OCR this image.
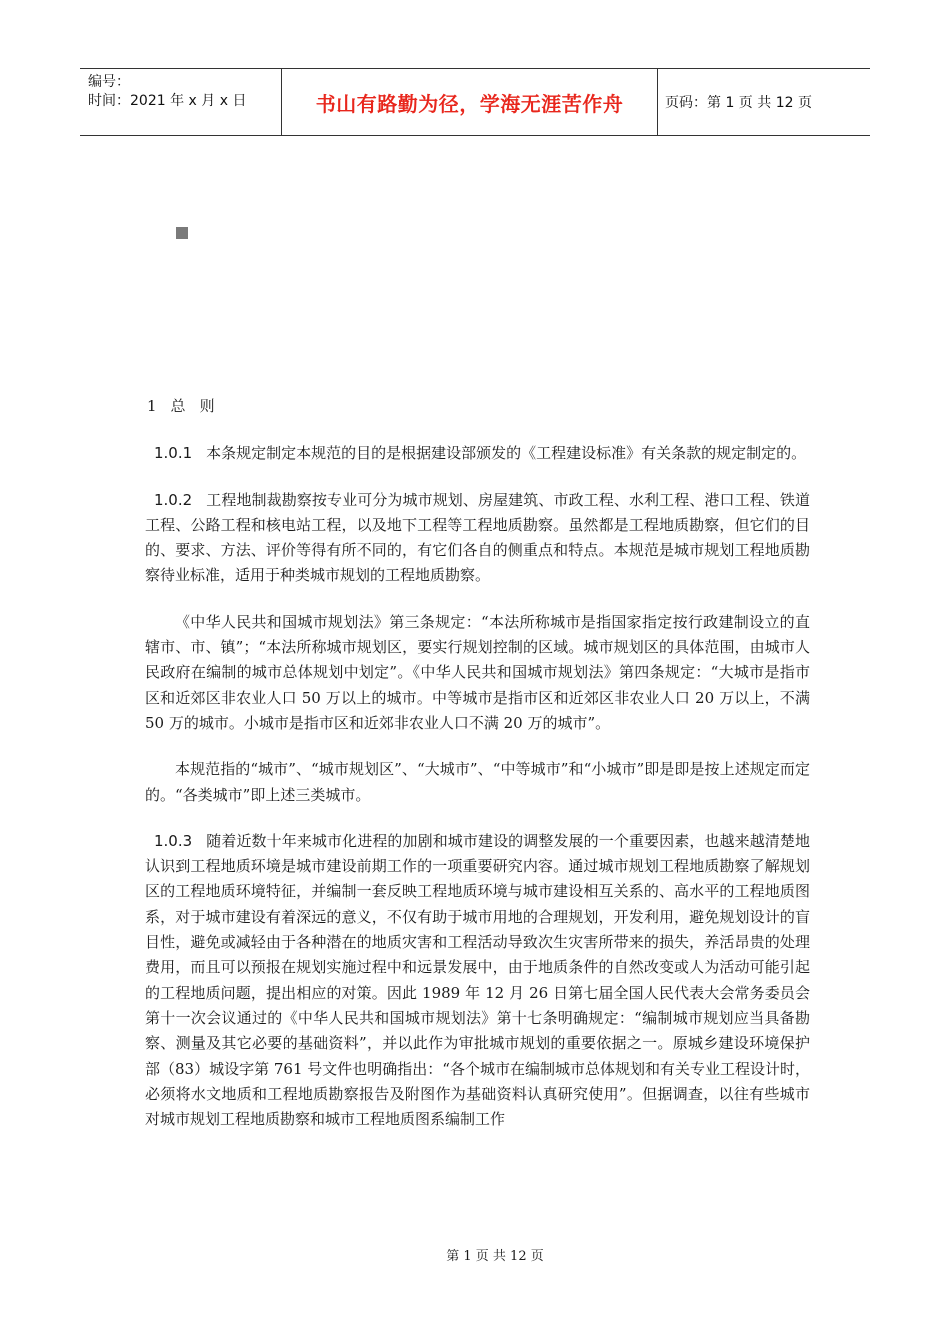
编号：
时间：2021 年 x 月 x 日	书山有路勤为径，学海无涯苦作舟	页码：第 1 页 共 12 页
1 总 则

1.0.1 本条规定制定本规范的目的是根据建设部颁发的《工程建设标准》有关条款的规定制定的。

1.0.2 工程地制裁勘察按专业可分为城市规划、房屋建筑、市政工程、水利工程、港口工程、铁道工程、公路工程和核电站工程，以及地下工程等工程地质勘察。虽然都是工程地质勘察，但它们的目的、要求、方法、评价等得有所不同的，有它们各自的侧重点和特点。本规范是城市规划工程地质勘察待业标准，适用于种类城市规划的工程地质勘察。

《中华人民共和国城市规划法》第三条规定：“本法所称城市是指国家指定按行政建制设立的直辖市、市、镇”；“本法所称城市规划区，要实行规划控制的区域。城市规划区的具体范围，由城市人民政府在编制的城市总体规划中划定”。《中华人民共和国城市规划法》第四条规定：“大城市是指市区和近郊区非农业人口 50 万以上的城市。中等城市是指市区和近郊区非农业人口 20 万以上，不满 50 万的城市。小城市是指市区和近郊非农业人口不满 20 万的城市”。

本规范指的“城市”、“城市规划区”、“大城市”、“中等城市”和“小城市”即是即是按上述规定而定的。“各类城市”即上述三类城市。

1.0.3 随着近数十年来城市化进程的加剧和城市建设的调整发展的一个重要因素，也越来越清楚地认识到工程地质环境是城市建设前期工作的一项重要研究内容。通过城市规划工程地质勘察了解规划区的工程地质环境特征，并编制一套反映工程地质环境与城市建设相互关系的、高水平的工程地质图系，对于城市建设有着深远的意义，不仅有助于城市用地的合理规划，开发利用，避免规划设计的盲目性，避免或减轻由于各种潜在的地质灾害和工程活动导致次生灾害所带来的损失，养活昂贵的处理费用，而且可以预报在规划实施过程中和远景发展中，由于地质条件的自然改变或人为活动可能引起的工程地质问题，提出相应的对策。因此 1989 年 12 月 26 日第七届全国人民代表大会常务委员会第十一次会议通过的《中华人民共和国城市规划法》第十七条明确规定：“编制城市规划应当具备勘察、测量及其它必要的基础资料”，并以此作为审批城市规划的重要依据之一。原城乡建设环境保护部（83）城设字第 761 号文件也明确指出：“各个城市在编制城市总体规划和有关专业工程设计时，必须将水文地质和工程地质勘察报告及附图作为基础资料认真研究使用”。但据调查，以往有些城市对城市规划工程地质勘察和城市工程地质图系编制工作

第 1 页 共 12 页
